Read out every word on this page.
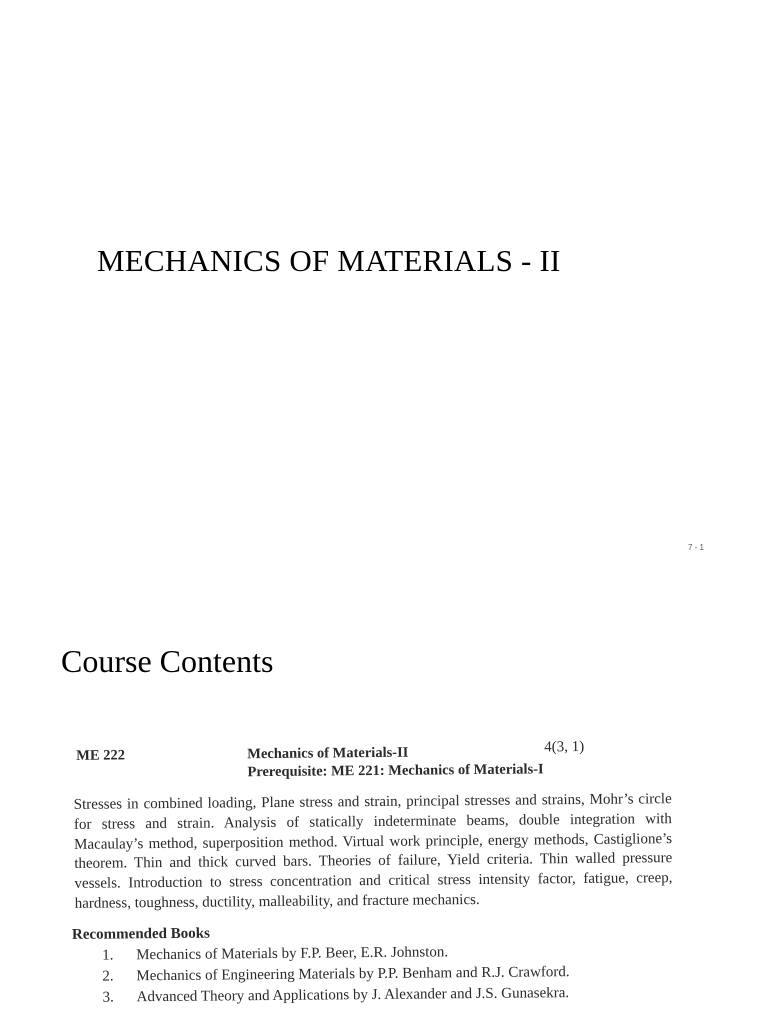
MECHANICS OF MATERIALS - II
7 - 1
Course Contents
ME 222	Mechanics of Materials-II	4(3, 1)
Prerequisite: ME 221: Mechanics of Materials-I
Stresses in combined loading, Plane stress and strain, principal stresses and strains, Mohr’s circle for stress and strain. Analysis of statically indeterminate beams, double integration with Macaulay’s method, superposition method. Virtual work principle, energy methods, Castiglione’s theorem. Thin and thick curved bars. Theories of failure, Yield criteria. Thin walled pressure vessels. Introduction to stress concentration and critical stress intensity factor, fatigue, creep, hardness, toughness, ductility, malleability, and fracture mechanics.
Recommended Books
1. Mechanics of Materials by F.P. Beer, E.R. Johnston.
2. Mechanics of Engineering Materials by P.P. Benham and R.J. Crawford.
3. Advanced Theory and Applications by J. Alexander and J.S. Gunasekra.
